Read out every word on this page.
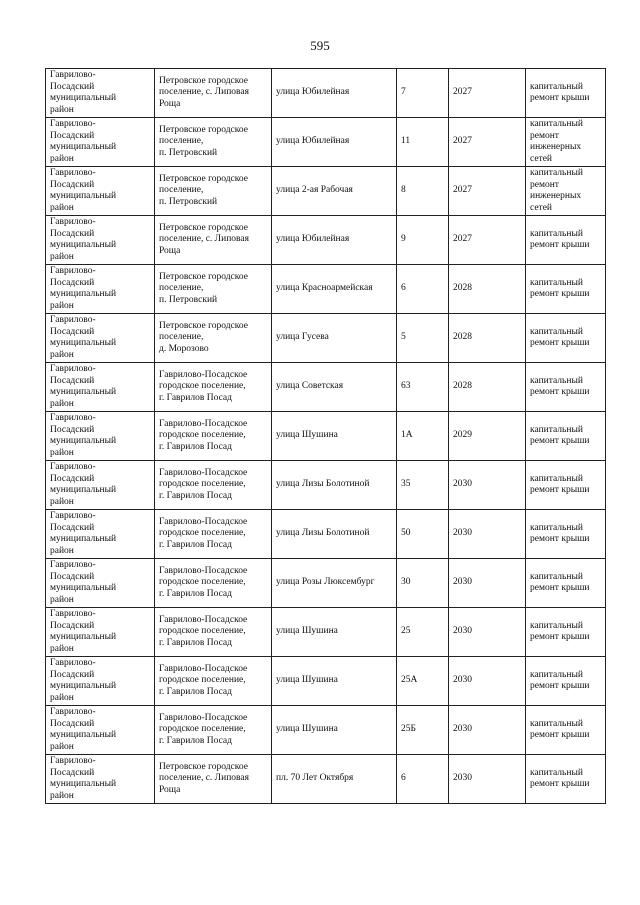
595
Гаврилово-
Посадский
муниципальный
район	Петровское городское
поселение, с. Липовая
Роща	улица Юбилейная	7	2027	капитальный
ремонт крыши

Гаврилово-
Посадский
муниципальный
район	Петровское городское
поселение,
п. Петровский	улица Юбилейная	11	2027	капитальный
ремонт
инженерных
сетей

Гаврилово-
Посадский
муниципальный
район	Петровское городское
поселение,
п. Петровский	улица 2-ая Рабочая	8	2027	капитальный
ремонт
инженерных
сетей

Гаврилово-
Посадский
муниципальный
район	Петровское городское
поселение, с. Липовая
Роща	улица Юбилейная	9	2027	капитальный
ремонт крыши

Гаврилово-
Посадский
муниципальный
район	Петровское городское
поселение,
п. Петровский	улица Красноармейская	6	2028	капитальный
ремонт крыши

Гаврилово-
Посадский
муниципальный
район	Петровское городское
поселение,
д. Морозово	улица Гусева	5	2028	капитальный
ремонт крыши

Гаврилово-
Посадский
муниципальный
район	Гаврилово-Посадское
городское поселение,
г. Гаврилов Посад	улица Советская	63	2028	капитальный
ремонт крыши

Гаврилово-
Посадский
муниципальный
район	Гаврилово-Посадское
городское поселение,
г. Гаврилов Посад	улица Шушина	1А	2029	капитальный
ремонт крыши

Гаврилово-
Посадский
муниципальный
район	Гаврилово-Посадское
городское поселение,
г. Гаврилов Посад	улица Лизы Болотиной	35	2030	капитальный
ремонт крыши

Гаврилово-
Посадский
муниципальный
район	Гаврилово-Посадское
городское поселение,
г. Гаврилов Посад	улица Лизы Болотиной	50	2030	капитальный
ремонт крыши

Гаврилово-
Посадский
муниципальный
район	Гаврилово-Посадское
городское поселение,
г. Гаврилов Посад	улица Розы Люксембург	30	2030	капитальный
ремонт крыши

Гаврилово-
Посадский
муниципальный
район	Гаврилово-Посадское
городское поселение,
г. Гаврилов Посад	улица Шушина	25	2030	капитальный
ремонт крыши

Гаврилово-
Посадский
муниципальный
район	Гаврилово-Посадское
городское поселение,
г. Гаврилов Посад	улица Шушина	25А	2030	капитальный
ремонт крыши

Гаврилово-
Посадский
муниципальный
район	Гаврилово-Посадское
городское поселение,
г. Гаврилов Посад	улица Шушина	25Б	2030	капитальный
ремонт крыши

Гаврилово-
Посадский
муниципальный
район	Петровское городское
поселение, с. Липовая
Роща	пл. 70 Лет Октября	6	2030	капитальный
ремонт крыши
